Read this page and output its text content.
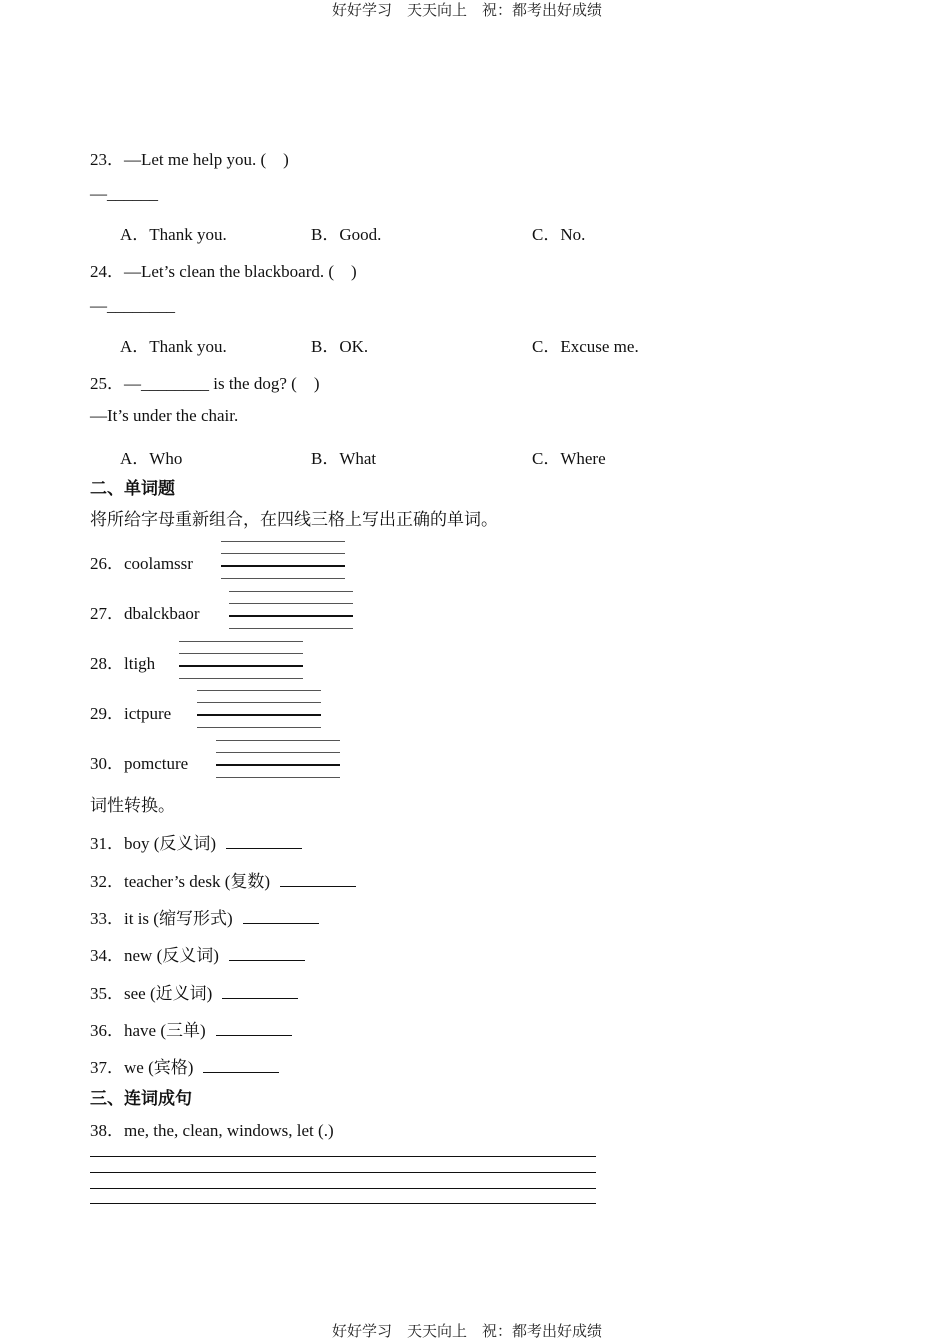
好好学习　天天向上　祝：都考出好成绩
23．—Let me help you. (　)
—______
A．Thank you.	B．Good.	C．No.
24．—Let’s clean the blackboard. (　)
—________
A．Thank you.	B．OK.	C．Excuse me.
25．—________ is the dog? (　)
—It’s under the chair.
A．Who	B．What	C．Where
二、单词题
将所给字母重新组合，在四线三格上写出正确的单词。
26．coolamssr
27．dbalckbaor
28．ltigh
29．ictpure
30．pomcture
词性转换。
31．boy (反义词)
32．teacher’s desk (复数)
33．it is (缩写形式)
34．new (反义词)
35．see (近义词)
36．have (三单)
37．we (宾格)
三、连词成句
38．me, the, clean, windows, let (.)
好好学习　天天向上　祝：都考出好成绩
